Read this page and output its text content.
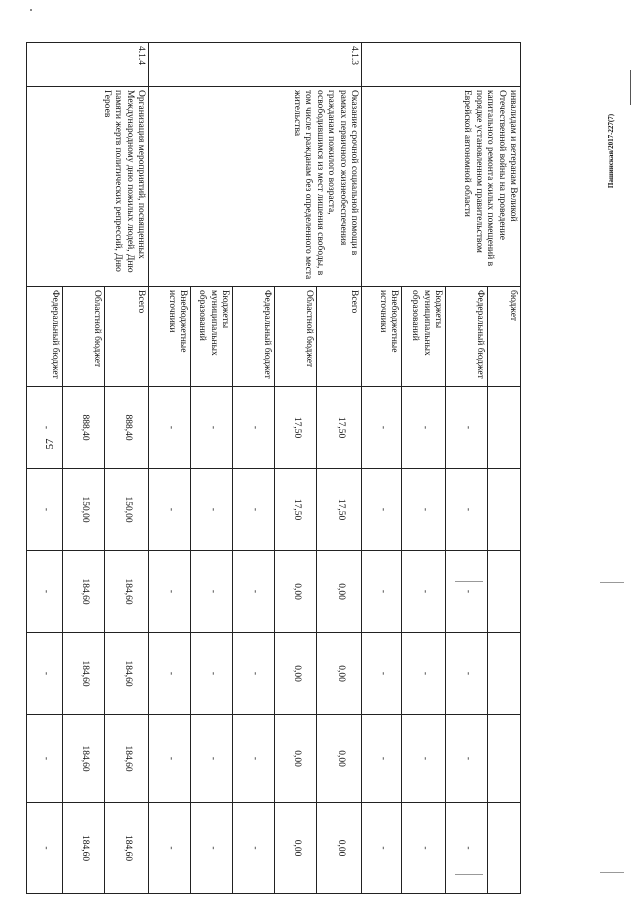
57
Пашинская/2017-227(7)
	инвалидам и ветеранам Великой Отечественной войны на проведение капитального ремонта жилых помещений в порядке установленном правительством Еврейской автономной области	бюджет						
		Федеральный бюджет	-	-	-	-	-	-
		Бюджеты муниципальных образований	-	-	-	-	-	-
		Внебюджетные источники	-	-	-	-	-	-
4.1.3	Оказание срочной социальной помощи в рамках первичного жизнеобеспечения гражданам пожилого возраста, освободившимся из мест лишения свободы, в том числе гражданам без определенного места жительства	Всего	17,50	17,50	0,00	0,00	0,00	0,00
		Областной бюджет	17,50	17,50	0,00	0,00	0,00	0,00
		Федеральный бюджет	-	-	-	-	-	-
		Бюджеты муниципальных образований	-	-	-	-	-	-
		Внебюджетные источники	-	-	-	-	-	-
4.1.4	Организация мероприятий, посвященных Международному дню пожилых людей, Дню памяти жертв политических репрессий, Дню Героев	Всего	888,40	150,00	184,60	184,60	184,60	184,60
		Областной бюджет	888,40	150,00	184,60	184,60	184,60	184,60
		Федеральный бюджет	-	-	-	-	-	-
